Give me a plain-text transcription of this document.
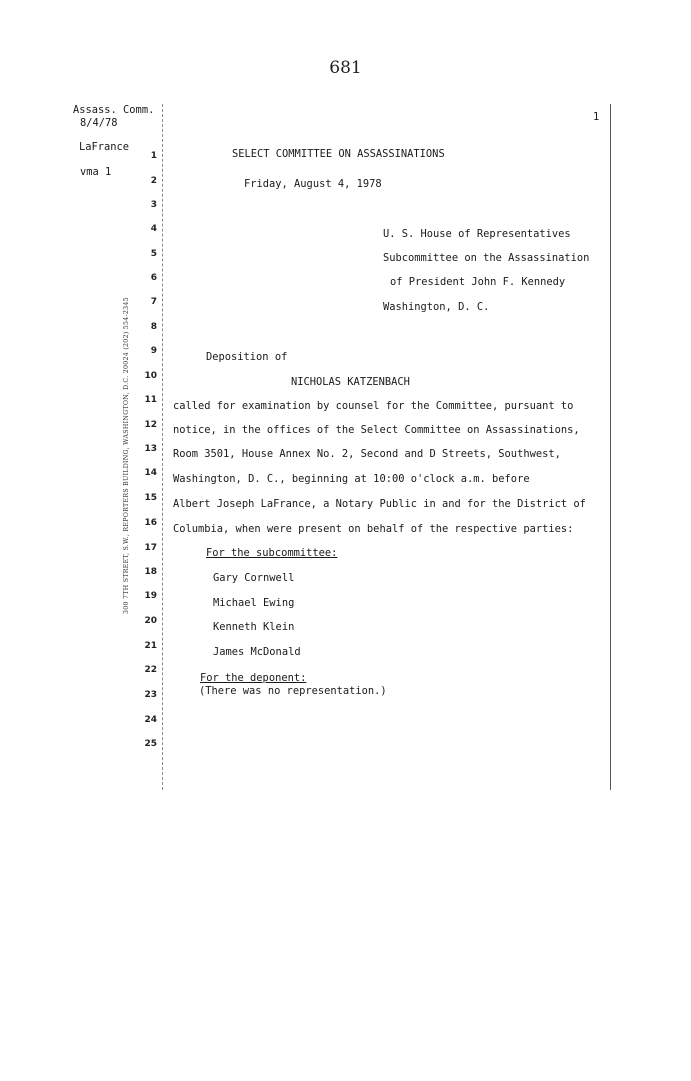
681
Assass. Comm.
8/4/78
LaFrance
vma 1
1
300 7TH STREET, S.W., REPORTERS BUILDING, WASHINGTON, D.C. 20024 (202) 554-2345
1
2
3
4
5
6
7
8
9
10
11
12
13
14
15
16
17
18
19
20
21
22
23
24
25
SELECT COMMITTEE ON ASSASSINATIONS
Friday, August 4, 1978
U. S. House of Representatives
Subcommittee on the Assassination
of President John F. Kennedy
Washington, D. C.
Deposition of
NICHOLAS KATZENBACH
called for examination by counsel for the Committee, pursuant to
notice, in the offices of the Select Committee on Assassinations,
Room 3501, House Annex No. 2, Second and D Streets, Southwest,
Washington, D. C., beginning at 10:00 o'clock a.m. before
Albert Joseph LaFrance, a Notary Public in and for the District of
Columbia, when were present on behalf of the respective parties:
For the subcommittee:
Gary Cornwell
Michael Ewing
Kenneth Klein
James McDonald
For the deponent:
(There was no representation.)
